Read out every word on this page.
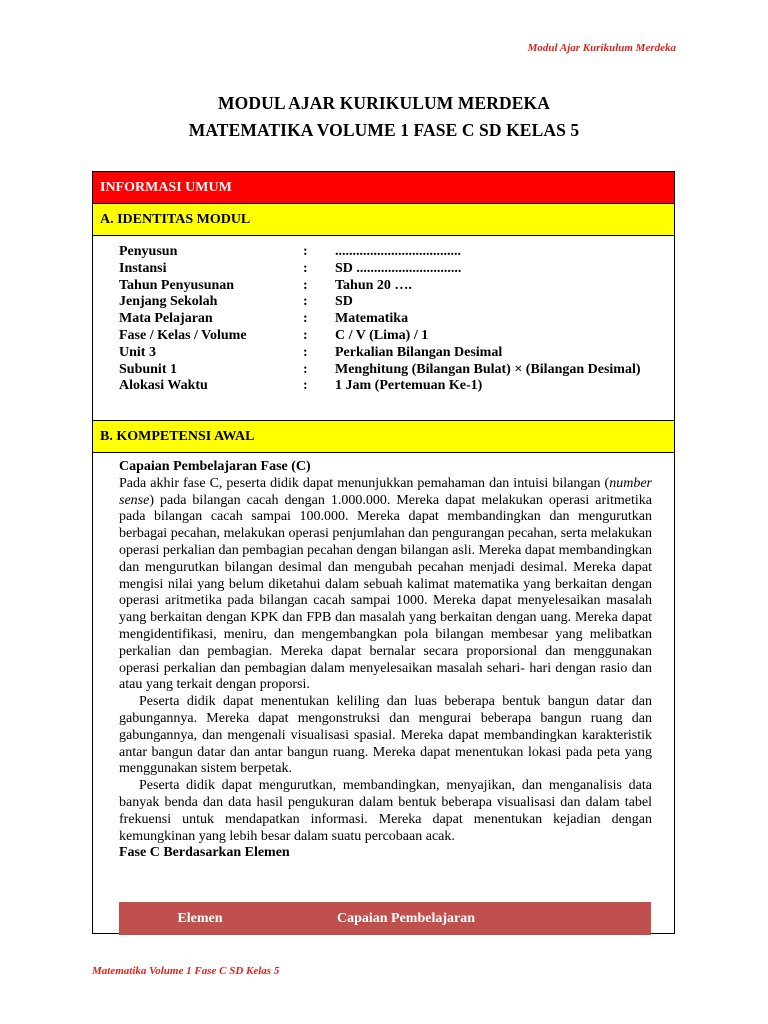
Modul Ajar Kurikulum Merdeka
MODUL AJAR KURIKULUM MERDEKA
MATEMATIKA VOLUME 1 FASE C SD KELAS 5
INFORMASI UMUM
A. IDENTITAS MODUL
Penyusun	:	....................................
Instansi	:	SD ..............................
Tahun Penyusunan	:	Tahun 20 ….
Jenjang Sekolah	:	SD
Mata Pelajaran	:	Matematika
Fase / Kelas / Volume	:	C / V (Lima) / 1
Unit 3	:	Perkalian Bilangan Desimal
Subunit 1	:	Menghitung (Bilangan Bulat) × (Bilangan Desimal)
Alokasi Waktu	:	1 Jam (Pertemuan Ke-1)
B. KOMPETENSI AWAL
Capaian Pembelajaran Fase (C)

Pada akhir fase C, peserta didik dapat menunjukkan pemahaman dan intuisi bilangan (number sense) pada bilangan cacah dengan 1.000.000. Mereka dapat melakukan operasi aritmetika pada bilangan cacah sampai 100.000. Mereka dapat membandingkan dan mengurutkan berbagai pecahan, melakukan operasi penjumlahan dan pengurangan pecahan, serta melakukan operasi perkalian dan pembagian pecahan dengan bilangan asli. Mereka dapat membandingkan dan mengurutkan bilangan desimal dan mengubah pecahan menjadi desimal. Mereka dapat mengisi nilai yang belum diketahui dalam sebuah kalimat matematika yang berkaitan dengan operasi aritmetika pada bilangan cacah sampai 1000. Mereka dapat menyelesaikan masalah yang berkaitan dengan KPK dan FPB dan masalah yang berkaitan dengan uang. Mereka dapat mengidentifikasi, meniru, dan mengembangkan pola bilangan membesar yang melibatkan perkalian dan pembagian. Mereka dapat bernalar secara proporsional dan menggunakan operasi perkalian dan pembagian dalam menyelesaikan masalah sehari- hari dengan rasio dan atau yang terkait dengan proporsi.

Peserta didik dapat menentukan keliling dan luas beberapa bentuk bangun datar dan gabungannya. Mereka dapat mengonstruksi dan mengurai beberapa bangun ruang dan gabungannya, dan mengenali visualisasi spasial. Mereka dapat membandingkan karakteristik antar bangun datar dan antar bangun ruang. Mereka dapat menentukan lokasi pada peta yang menggunakan sistem berpetak.

Peserta didik dapat mengurutkan, membandingkan, menyajikan, dan menganalisis data banyak benda dan data hasil pengukuran dalam bentuk beberapa visualisasi dan dalam tabel frekuensi untuk mendapatkan informasi. Mereka dapat menentukan kejadian dengan kemungkinan yang lebih besar dalam suatu percobaan acak.

Fase C Berdasarkan Elemen
Elemen	Capaian Pembelajaran
Matematika Volume 1 Fase C SD Kelas 5
